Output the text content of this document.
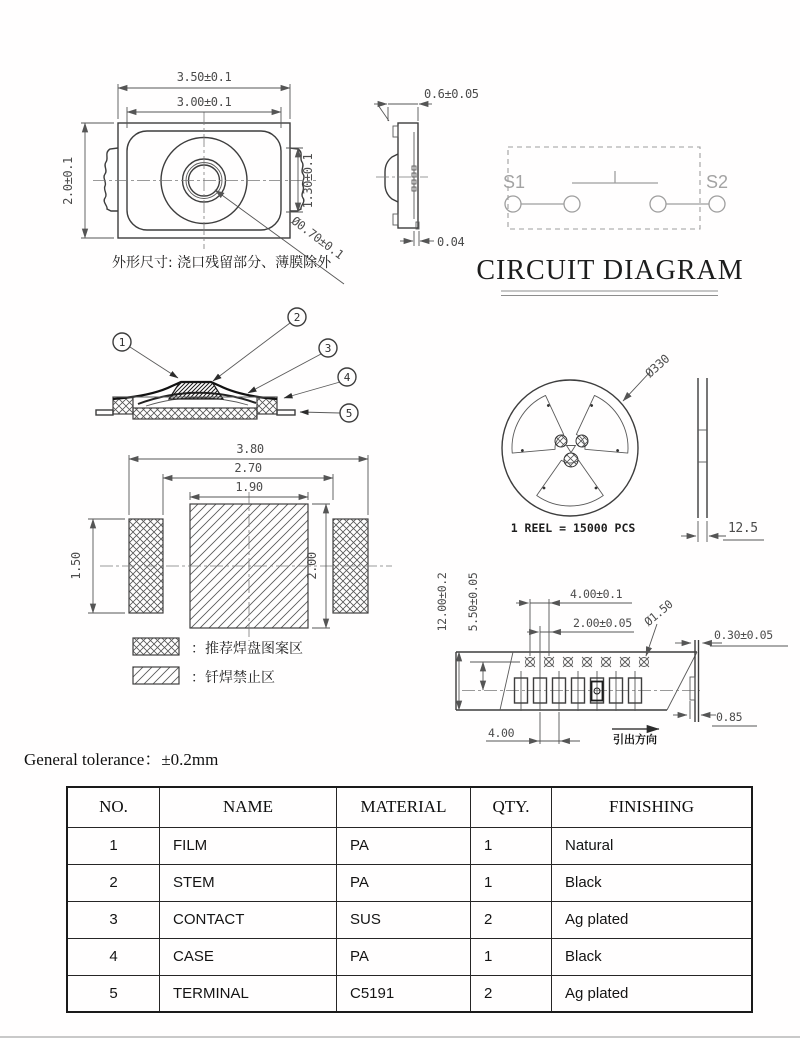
3.50±0.1
3.00±0.1
2.0±0.1	1.30±0.1
Ø0.70±0.1
外形尺寸: 浇口残留部分、薄膜除外
0.6±0.05
0.04
S1	S2
CIRCUIT DIAGRAM
1
2
3
4
5
3.80
2.70
1.90
1.50	2.00
：推荐焊盘图案区
：钎焊禁止区
Ø330
1 REEL = 15000 PCS	12.5
12.00±0.2 5.50±0.05	4.00±0.1
2.00±0.05 Ø1.50
4.00	引出方向
0.30±0.05
0.85
General tolerance：±0.2mm
NO.	NAME	MATERIAL	QTY.	FINISHING
1	FILM	PA	1	Natural
2	STEM	PA	1	Black
3	CONTACT	SUS	2	Ag plated
4	CASE	PA	1	Black
5	TERMINAL	C5191	2	Ag plated
